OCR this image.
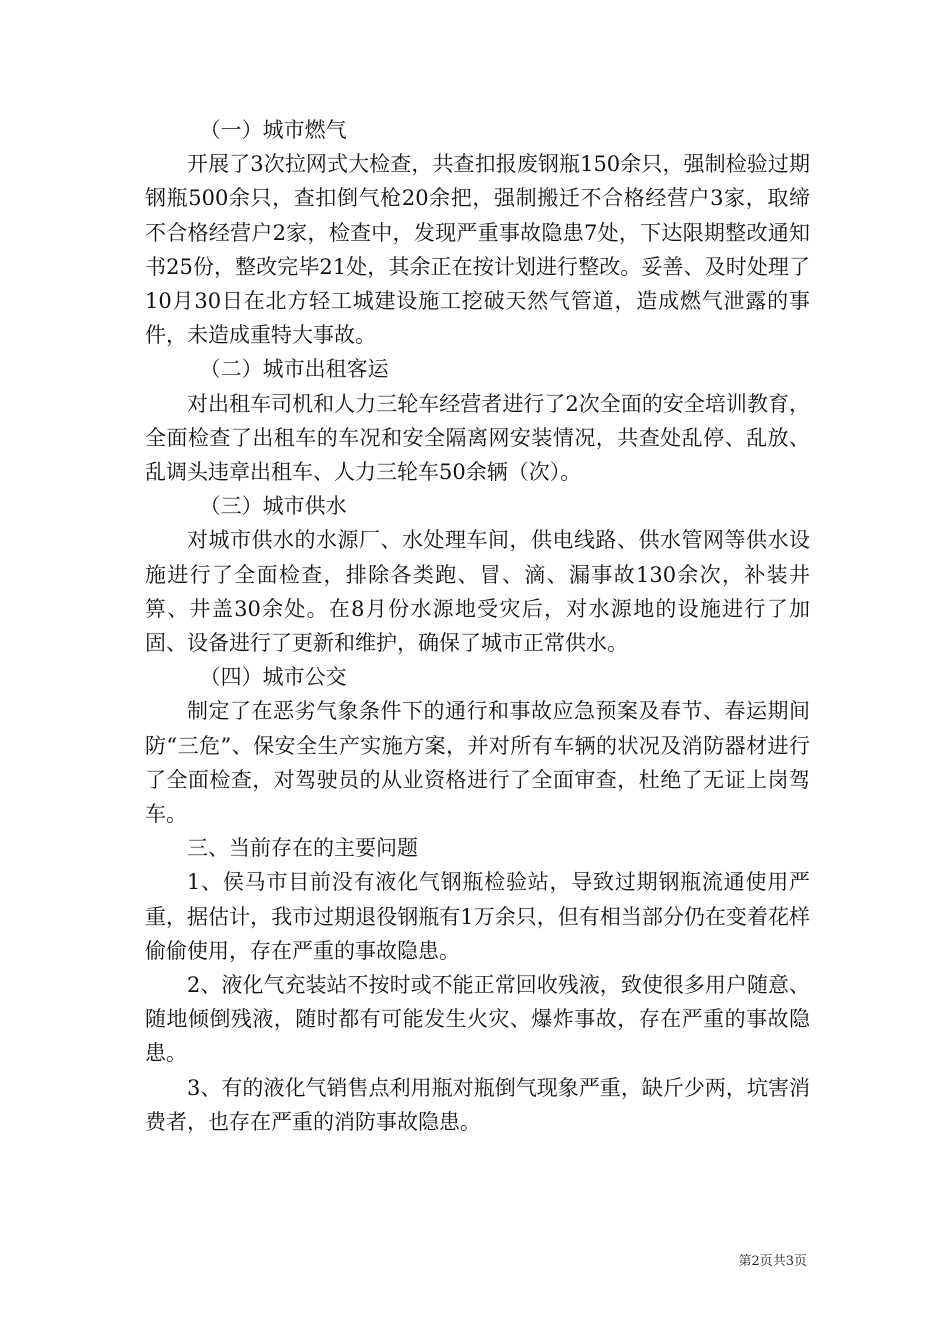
（一）城市燃气

开展了3次拉网式大检查，共查扣报废钢瓶150余只，强制检验过期钢瓶500余只，查扣倒气枪20余把，强制搬迁不合格经营户3家，取缔不合格经营户2家，检查中，发现严重事故隐患7处，下达限期整改通知书25份，整改完毕21处，其余正在按计划进行整改。妥善、及时处理了10月30日在北方轻工城建设施工挖破天然气管道，造成燃气泄露的事件，未造成重特大事故。

（二）城市出租客运

对出租车司机和人力三轮车经营者进行了2次全面的安全培训教育，全面检查了出租车的车况和安全隔离网安装情况，共查处乱停、乱放、乱调头违章出租车、人力三轮车50余辆（次）。

（三）城市供水

对城市供水的水源厂、水处理车间，供电线路、供水管网等供水设施进行了全面检查，排除各类跑、冒、滴、漏事故130余次，补装井箅、井盖30余处。在8月份水源地受灾后，对水源地的设施进行了加固、设备进行了更新和维护，确保了城市正常供水。

（四）城市公交

制定了在恶劣气象条件下的通行和事故应急预案及春节、春运期间防“三危”、保安全生产实施方案，并对所有车辆的状况及消防器材进行了全面检查，对驾驶员的从业资格进行了全面审查，杜绝了无证上岗驾车。

三、当前存在的主要问题

1、侯马市目前没有液化气钢瓶检验站，导致过期钢瓶流通使用严重，据估计，我市过期退役钢瓶有1万余只，但有相当部分仍在变着花样偷偷使用，存在严重的事故隐患。

2、液化气充装站不按时或不能正常回收残液，致使很多用户随意、随地倾倒残液，随时都有可能发生火灾、爆炸事故，存在严重的事故隐患。

3、有的液化气销售点利用瓶对瓶倒气现象严重，缺斤少两，坑害消费者，也存在严重的消防事故隐患。

第2页共3页
